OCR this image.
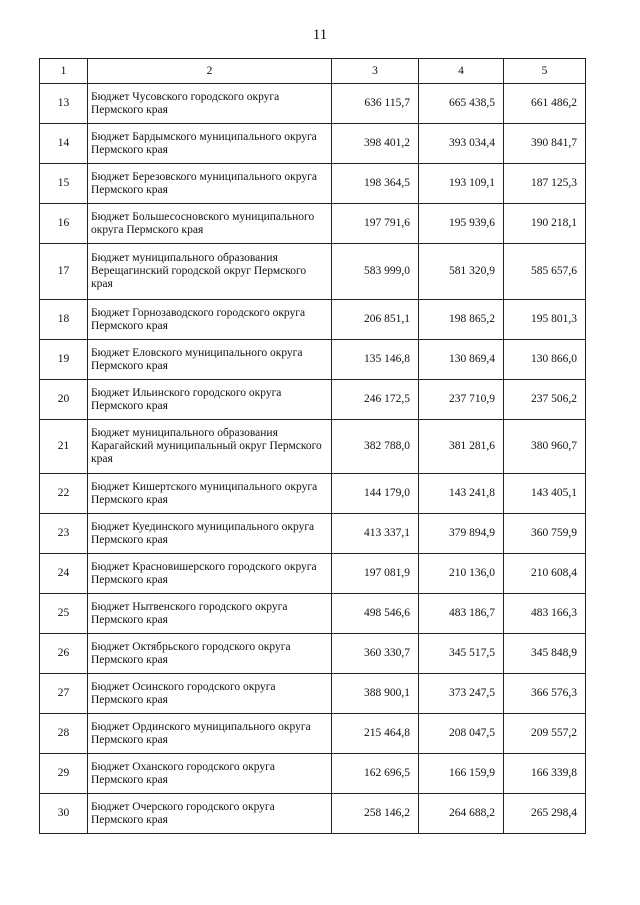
11
1	2	3	4	5
13	Бюджет Чусовского городского округа Пермского края	636 115,7	665 438,5	661 486,2
14	Бюджет Бардымского муниципального округа Пермского края	398 401,2	393 034,4	390 841,7
15	Бюджет Березовского муниципального округа Пермского края	198 364,5	193 109,1	187 125,3
16	Бюджет Большесосновского муниципального округа Пермского края	197 791,6	195 939,6	190 218,1
17	Бюджет муниципального образования Верещагинский городской округ Пермского края	583 999,0	581 320,9	585 657,6
18	Бюджет Горнозаводского городского округа Пермского края	206 851,1	198 865,2	195 801,3
19	Бюджет Еловского муниципального округа Пермского края	135 146,8	130 869,4	130 866,0
20	Бюджет Ильинского городского округа Пермского края	246 172,5	237 710,9	237 506,2
21	Бюджет муниципального образования Карагайский муниципальный округ Пермского края	382 788,0	381 281,6	380 960,7
22	Бюджет Кишертского муниципального округа Пермского края	144 179,0	143 241,8	143 405,1
23	Бюджет Куединского муниципального округа Пермского края	413 337,1	379 894,9	360 759,9
24	Бюджет Красновишерского городского округа Пермского края	197 081,9	210 136,0	210 608,4
25	Бюджет Нытвенского городского округа Пермского края	498 546,6	483 186,7	483 166,3
26	Бюджет Октябрьского городского округа Пермского края	360 330,7	345 517,5	345 848,9
27	Бюджет Осинского городского округа Пермского края	388 900,1	373 247,5	366 576,3
28	Бюджет Ординского муниципального округа Пермского края	215 464,8	208 047,5	209 557,2
29	Бюджет Оханского городского округа Пермского края	162 696,5	166 159,9	166 339,8
30	Бюджет Очерского городского округа Пермского края	258 146,2	264 688,2	265 298,4
